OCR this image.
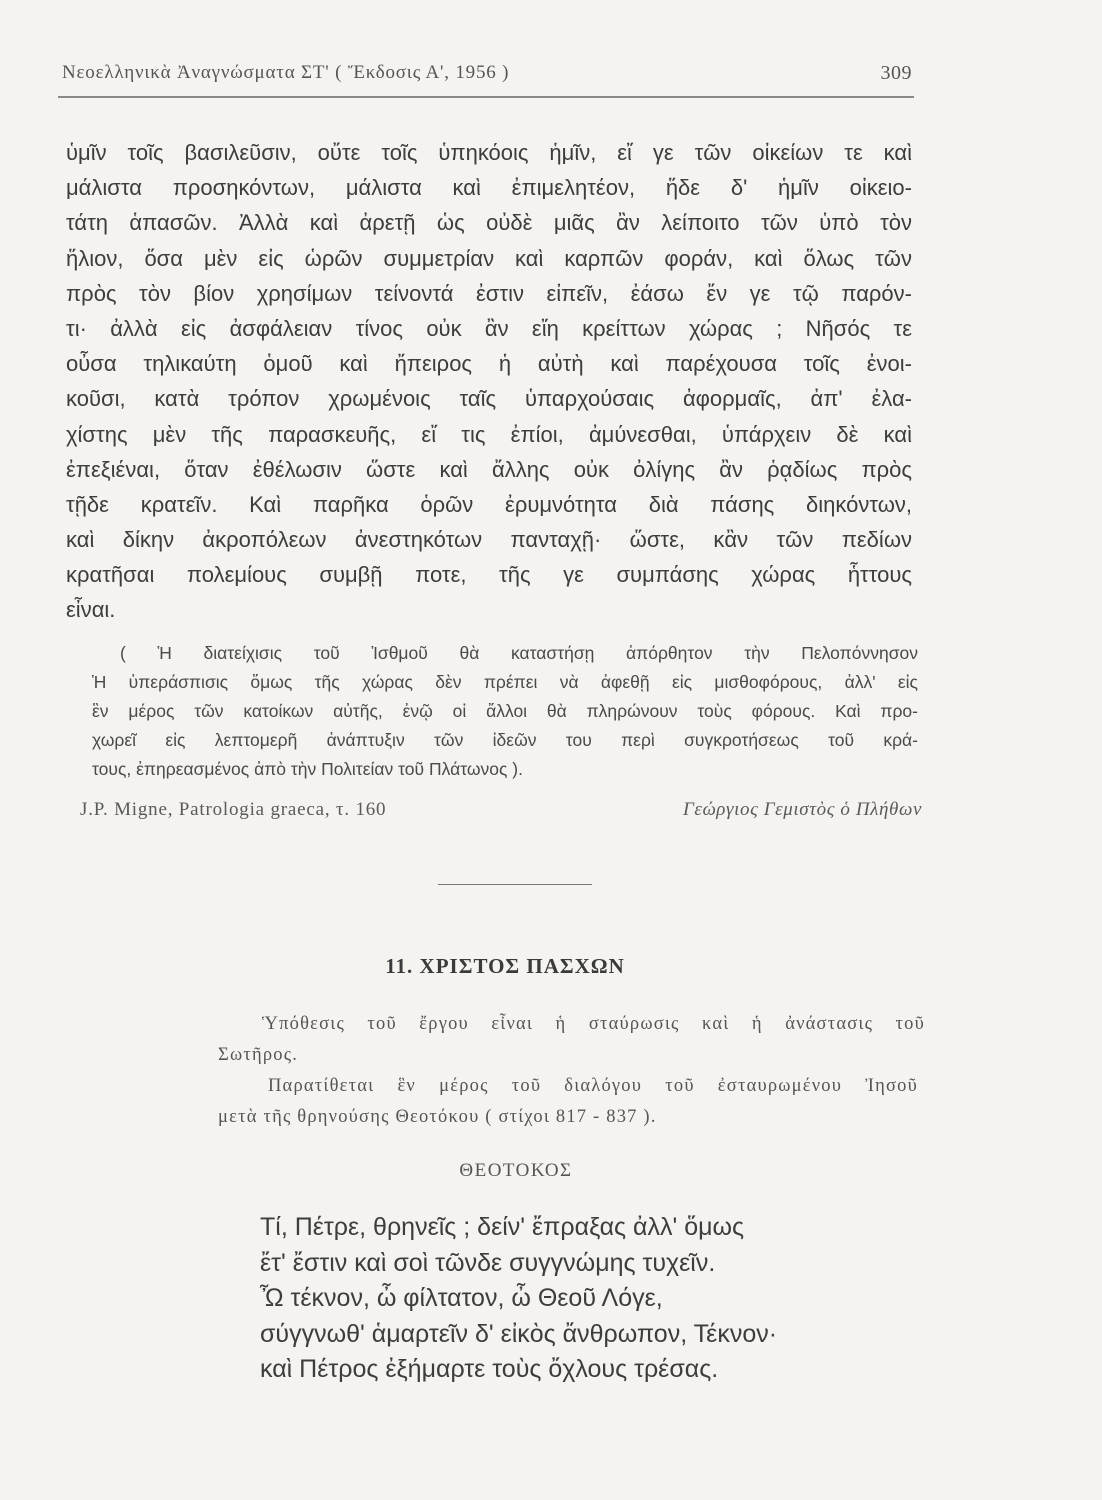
Νεοελληνικὰ Ἀναγνώσματα ΣΤ' ( Ἔκδοσις Α', 1956 )	309
ὑμῖν τοῖς βασιλεῦσιν, οὔτε τοῖς ὑπηκόοις ἡμῖν, εἴ γε τῶν οἰκείων τε καὶ
μάλιστα προσηκόντων, μάλιστα καὶ ἐπιμελητέον, ἥδε δ' ἡμῖν οἰκειο-
τάτη ἁπασῶν. Ἀλλὰ καὶ ἀρετῇ ὡς οὐδὲ μιᾶς ἂν λείποιτο τῶν ὑπὸ τὸν
ἥλιον, ὅσα μὲν εἰς ὡρῶν συμμετρίαν καὶ καρπῶν φοράν, καὶ ὅλως τῶν
πρὸς τὸν βίον χρησίμων τείνοντά ἐστιν εἰπεῖν, ἐάσω ἔν γε τῷ παρόν-
τι· ἀλλὰ εἰς ἀσφάλειαν τίνος οὐκ ἂν εἴη κρείττων χώρας ; Νῆσός τε
οὖσα τηλικαύτη ὁμοῦ καὶ ἤπειρος ἡ αὐτὴ καὶ παρέχουσα τοῖς ἐνοι-
κοῦσι, κατὰ τρόπον χρωμένοις ταῖς ὑπαρχούσαις ἀφορμαῖς, ἀπ' ἐλα-
χίστης μὲν τῆς παρασκευῆς, εἴ τις ἐπίοι, ἀμύνεσθαι, ὑπάρχειν δὲ καὶ
ἐπεξιέναι, ὅταν ἐθέλωσιν ὥστε καὶ ἄλλης οὐκ ὀλίγης ἂν ῥᾳδίως πρὸς
τῇδε κρατεῖν. Καὶ παρῆκα ὁρῶν ἐρυμνότητα διὰ πάσης διηκόντων,
καὶ δίκην ἀκροπόλεων ἀνεστηκότων πανταχῇ· ὥστε, κἂν τῶν πεδίων
κρατῆσαι πολεμίους συμβῇ ποτε, τῆς γε συμπάσης χώρας ἧττους
εἶναι.
( Ἡ διατείχισις τοῦ Ἰσθμοῦ θὰ καταστήσῃ ἀπόρθητον τὴν Πελοπόννησον
Ἡ ὑπεράσπισις ὅμως τῆς χώρας δὲν πρέπει νὰ ἀφεθῇ εἰς μισθοφόρους, ἀλλ' εἰς
ἓν μέρος τῶν κατοίκων αὐτῆς, ἐνῷ οἱ ἄλλοι θὰ πληρώνουν τοὺς φόρους. Καὶ προ-
χωρεῖ εἰς λεπτομερῆ ἀνάπτυξιν τῶν ἰδεῶν του περὶ συγκροτήσεως τοῦ κρά-
τους, ἐπηρεασμένος ἀπὸ τὴν Πολιτείαν τοῦ Πλάτωνος ).
J.P. Migne, Patrologia graeca, τ. 160	Γεώργιος Γεμιστὸς ὁ Πλήθων
11. ΧΡΙΣΤΟΣ ΠΑΣΧΩΝ
Ὑπόθεσις τοῦ ἔργου εἶναι ἡ σταύρωσις καὶ ἡ ἀνάστασις τοῦ
Σωτῆρος.
Παρατίθεται ἓν μέρος τοῦ διαλόγου τοῦ ἐσταυρωμένου Ἰησοῦ
μετὰ τῆς θρηνούσης Θεοτόκου ( στίχοι 817 - 837 ).
ΘΕΟΤΟΚΟΣ
Τί, Πέτρε, θρηνεῖς ; δείν' ἔπραξας ἀλλ' ὅμως
ἔτ' ἔστιν καὶ σοὶ τῶνδε συγγνώμης τυχεῖν.
Ὦ τέκνον, ὦ φίλτατον, ὦ Θεοῦ Λόγε,
σύγγνωθ' ἁμαρτεῖν δ' εἰκὸς ἄνθρωπον, Τέκνον·
καὶ Πέτρος ἐξήμαρτε τοὺς ὄχλους τρέσας.
